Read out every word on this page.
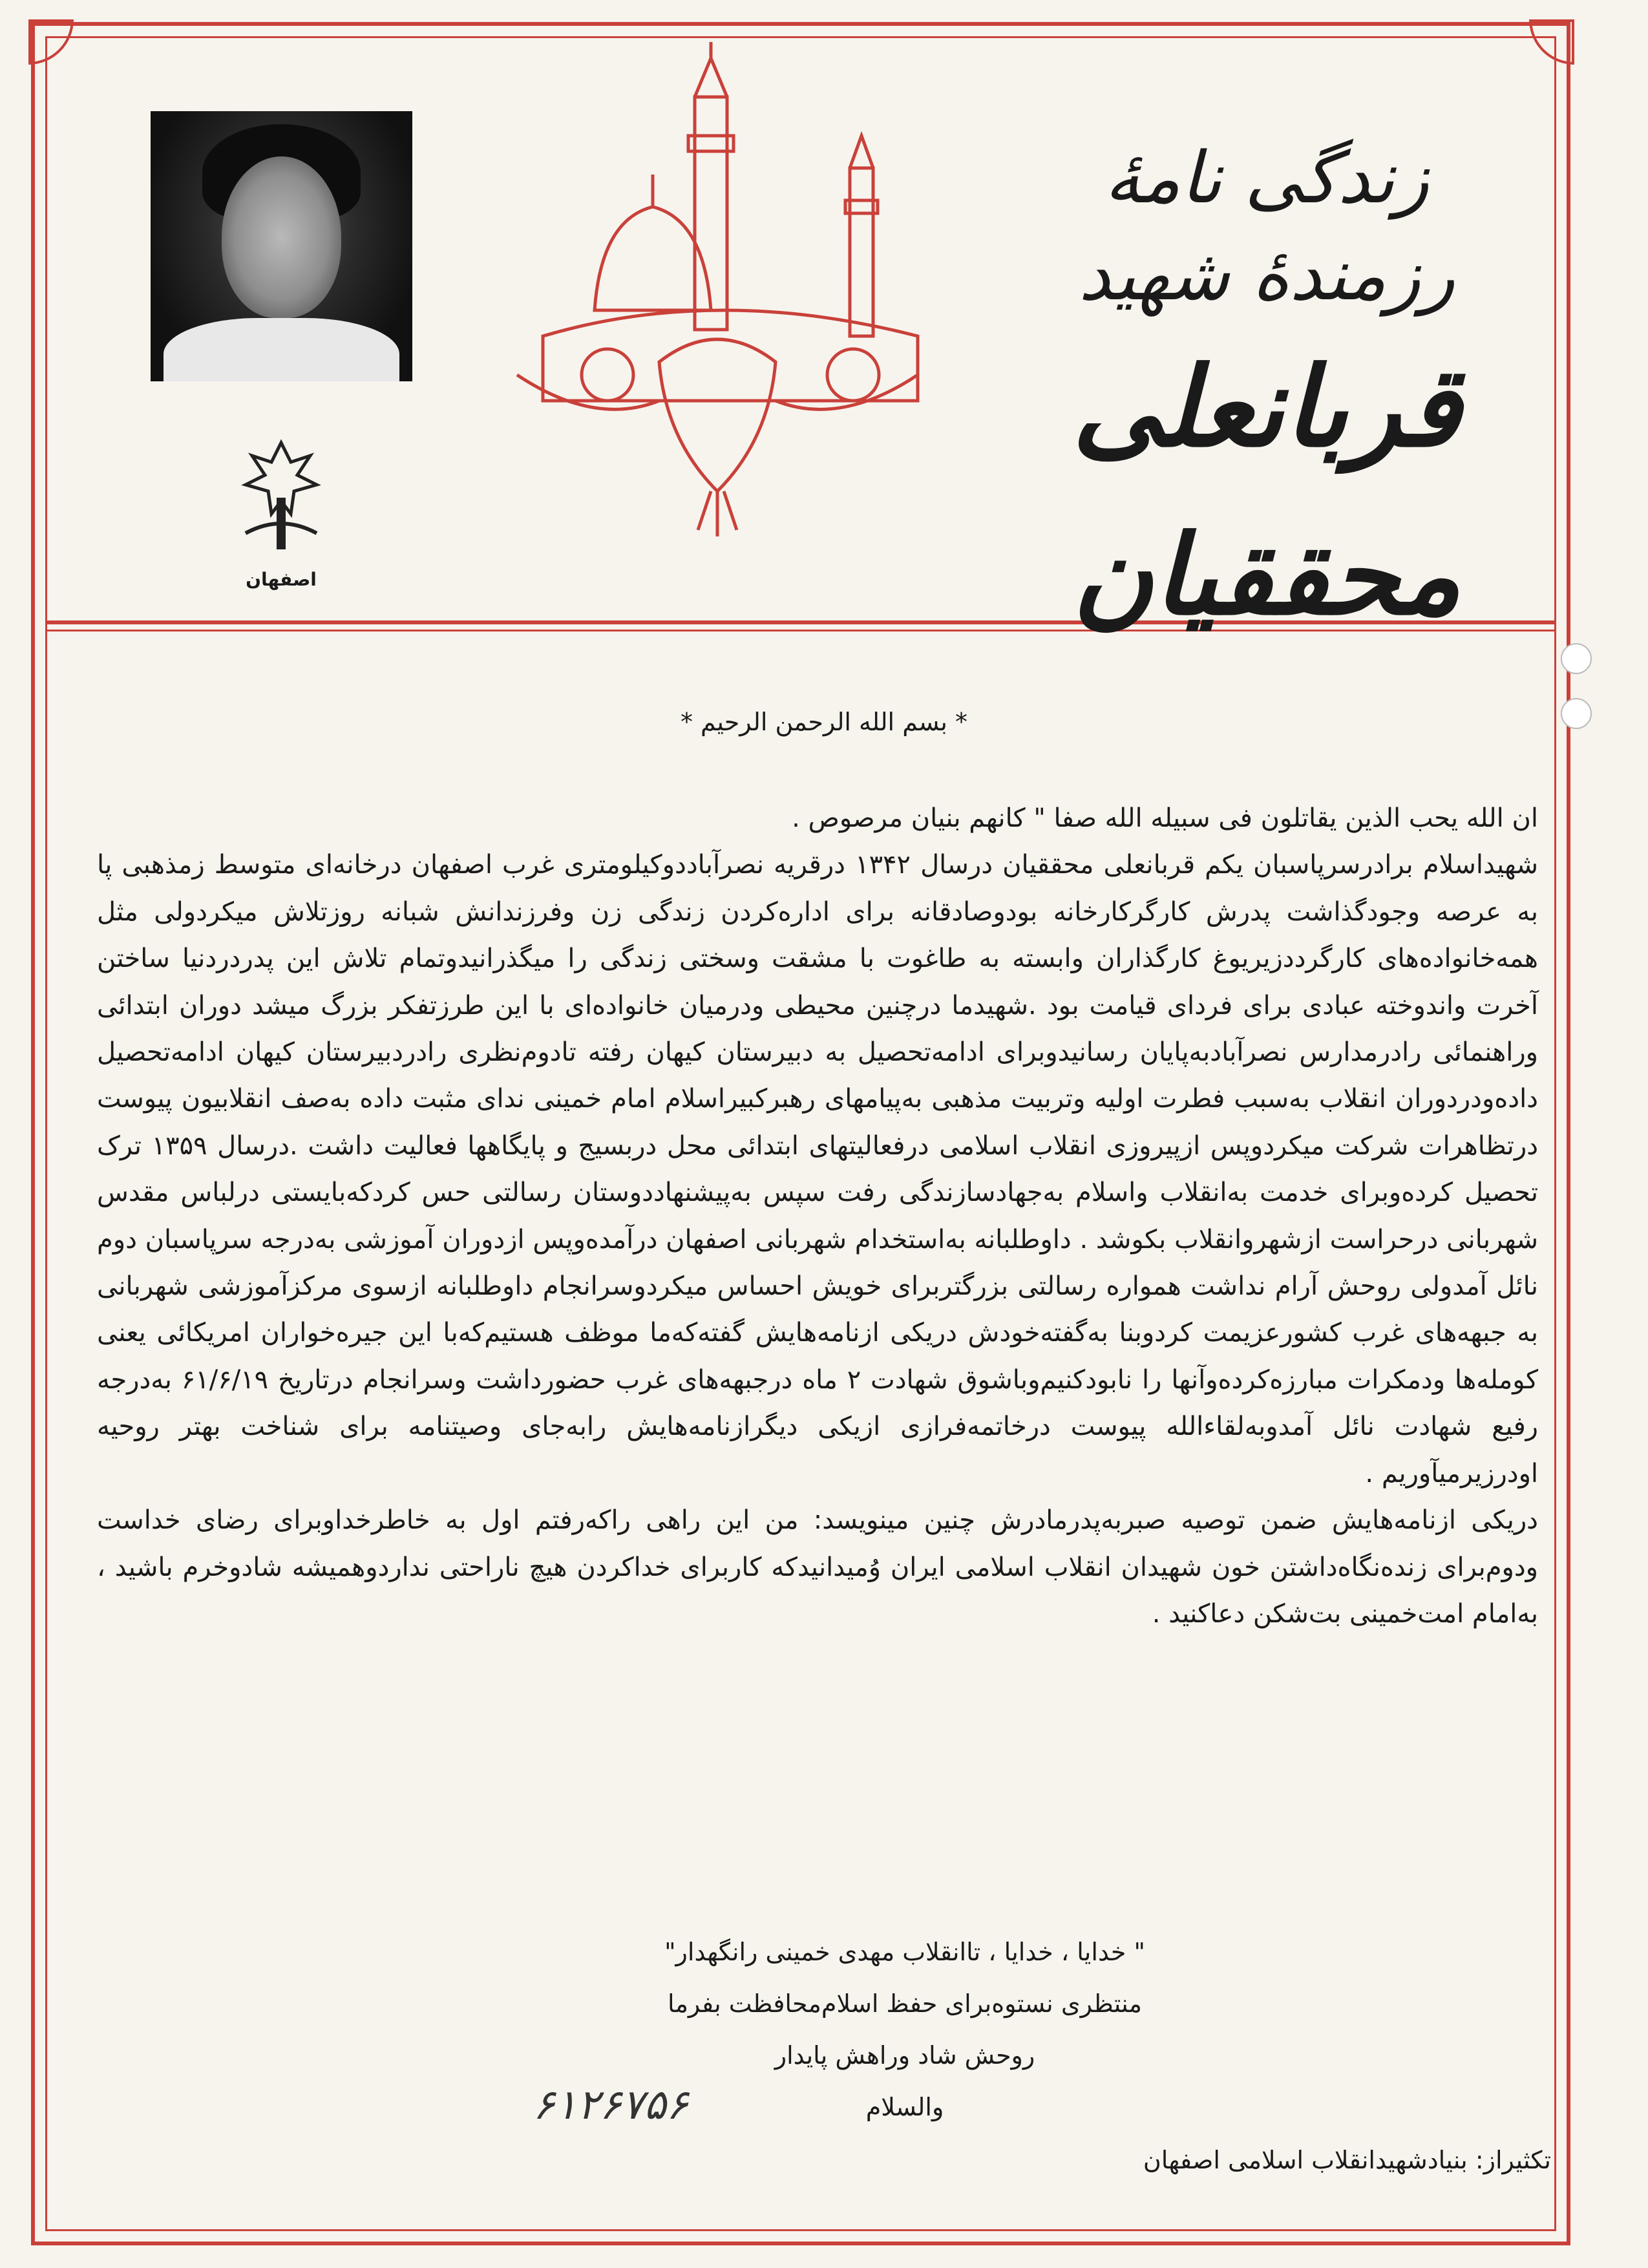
اصفهان
زندگی نامهٔ
رزمندهٔ شهید
قربانعلی محققیان
* بسم الله الرحمن الرحیم *

ان الله یحب الذین یقاتلون فی سبیله الله صفا " کانهم بنیان مرصوص .

شهیداسلام برادرسرپاسبان یکم قربانعلی محققیان درسال ۱۳۴۲ درقریه نصرآباددوکیلومتری غرب اصفهان درخانه‌ای متوسط زمذهبی پا به عرصه وجودگذاشت پدرش کارگرکارخانه بودوصادقانه برای اداره‌کردن زندگی زن وفرزندانش شبانه روزتلاش میکردولی مثل همه‌خانواده‌های کارگرددزیریوغ کارگذاران وابسته به طاغوت با مشقت وسختی زندگی را میگذرانیدوتمام تلاش این پدردردنیا ساختن آخرت واندوخته عبادی برای فردای قیامت بود .شهیدما درچنین محیطی ودرمیان خانواده‌ای با این طرزتفکر بزرگ میشد دوران ابتدائی وراهنمائی رادرمدارس نصرآبادبه‌پایان رسانیدوبرای ادامه‌تحصیل به دبیرستان کیهان رفته تادوم‌نظری رادردبیرستان کیهان ادامه‌تحصیل داده‌ودردوران انقلاب به‌سبب فطرت اولیه وتربیت مذهبی به‌پیامهای رهبرکبیراسلام امام خمینی ندای مثبت داده به‌صف انقلابیون پیوست درتظاهرات شرکت میکردوپس ازپیروزی انقلاب اسلامی درفعالیتهای ابتدائی محل دربسیج و پایگاهها فعالیت داشت .درسال ۱۳۵۹ ترک تحصیل کرده‌وبرای خدمت به‌انقلاب واسلام به‌جهادسازندگی رفت سپس به‌پیشنهاددوستان رسالتی حس کردکه‌بایستی درلباس مقدس شهربانی درحراست ازشهروانقلاب بکوشد . داوطلبانه به‌استخدام شهربانی اصفهان درآمده‌وپس ازدوران آموزشی به‌درجه سرپاسبان دوم نائل آمدولی روحش آرام نداشت همواره رسالتی بزرگتربرای خویش احساس میکردوسرانجام داوطلبانه ازسوی مرکزآموزشی شهربانی به جبهه‌های غرب کشورعزیمت کردوبنا به‌گفته‌خودش دریکی ازنامه‌هایش گفته‌که‌ما موظف هستیم‌که‌با این جیره‌خواران امریکائی یعنی کومله‌ها ودمکرات مبارزه‌کرده‌وآنها را نابودکنیم‌وباشوق شهادت ۲ ماه درجبهه‌های غرب حضورداشت وسرانجام درتاریخ ۶۱/۶/۱۹ به‌درجه رفیع شهادت نائل آمدوبه‌لقاءالله پیوست درخاتمه‌فرازی ازیکی دیگرازنامه‌هایش رابه‌جای وصیتنامه برای شناخت بهتر روحیه اودرزیرمیآوریم .

دریکی ازنامه‌هایش ضمن توصیه صبربه‌پدرمادرش چنین مینویسد: من این راهی راکه‌رفتم اول به خاطرخداوبرای رضای خداست ودوم‌برای زنده‌نگاه‌داشتن خون شهیدان انقلاب اسلامی ایران وُمیدانیدکه کاربرای خداکردن هیچ ناراحتی نداردوهمیشه شادوخرم باشید ، به‌امام امت‌خمینی بت‌شکن دعاکنید .

" خدایا ، خدایا ، تاانقلاب مهدی خمینی رانگهدار"
منتظری نستوه‌برای حفظ اسلام‌محافظت بفرما
روحش شاد وراهش پایدار
والسلام
۶۱۲۶۷۵۶
تکثیراز: بنیادشهیدانقلاب اسلامی اصفهان
